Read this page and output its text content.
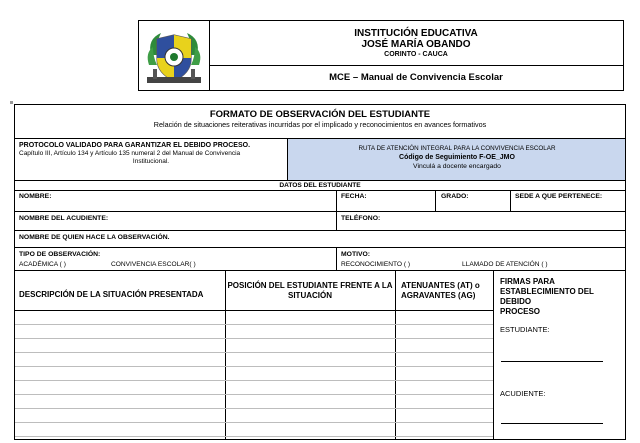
INSTITUCIÓN EDUCATIVA
JOSÉ MARÍA OBANDO
CORINTO - CAUCA
MCE – Manual de Convivencia Escolar
FORMATO DE OBSERVACIÓN DEL ESTUDIANTE
Relación de situaciones reiterativas incurridas por el implicado y reconocimientos en avances formativos
PROTOCOLO VALIDADO PARA GARANTIZAR EL DEBIDO PROCESO.
Capítulo III, Artículo 134 y Artículo 135 numeral 2 del Manual de Convivencia
Institucional.
RUTA DE ATENCIÓN INTEGRAL PARA LA CONVIVENCIA ESCOLAR
Código de Seguimiento F-OE_JMO
Vinculá a docente encargado
DATOS DEL ESTUDIANTE
NOMBRE:	FECHA:	GRADO:	SEDE A QUE PERTENECE:
NOMBRE DEL ACUDIENTE:	TELÉFONO:
NOMBRE DE QUIEN HACE LA OBSERVACIÓN.
TIPO DE OBSERVACIÓN:
ACADÉMICA ( )	CONVIVENCIA ESCOLAR( )
MOTIVO:
RECONOCIMIENTO ( )	LLAMADO DE ATENCIÓN ( )
DESCRIPCIÓN DE LA SITUACIÓN PRESENTADA
POSICIÓN DEL ESTUDIANTE FRENTE A LA
SITUACIÓN
ATENUANTES (AT) o
AGRAVANTES (AG)
FIRMAS PARA
ESTABLECIMIENTO DEL DEBIDO
PROCESO
ESTUDIANTE:
ACUDIENTE:
